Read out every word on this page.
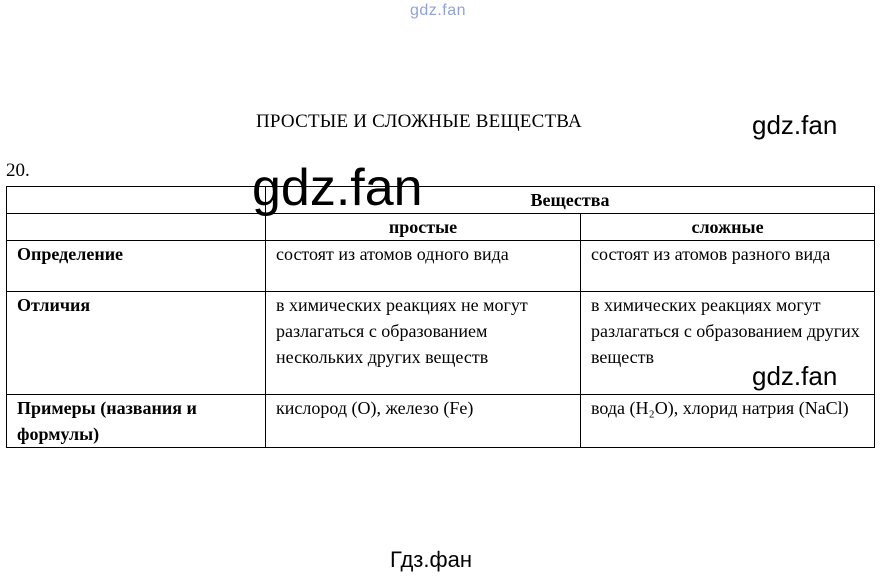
gdz.fan
ПРОСТЫЕ И СЛОЖНЫЕ ВЕЩЕСТВА
20.
	Вещества	
	простые	сложные
Определение	состоят из атомов одного вида	состоят из атомов разного вида
Отличия	в химических реакциях не могут разлагаться с образованием нескольких других веществ	в химических реакциях могут разлагаться с образованием других веществ
Примеры (названия и формулы)	кислород (O), железо (Fe)	вода (H₂O), хлорид натрия (NaCl)
gdz.fan
gdz.fan
gdz.fan
Гдз.фан
